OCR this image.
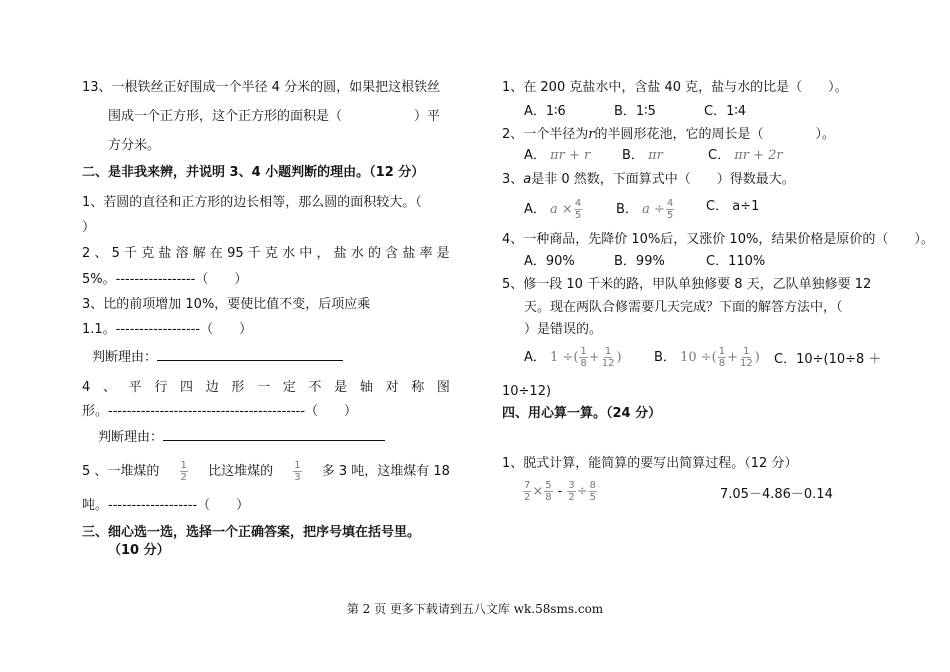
13、一根铁丝正好围成一个半径 4 分米的圆，如果把这根铁丝
围成一个正方形，这个正方形的面积是（	）平
方分米。
二、是非我来辨，并说明 3、4 小题判断的理由。（12 分）
1、若圆的直径和正方形的边长相等，那么圆的面积较大。（
）
2 、 5 千 克 盐 溶 解 在 95 千 克 水 中 ， 盐 水 的 含 盐 率 是
5%。-----------------（　　）
3、比的前项增加 10%，要使比值不变，后项应乘
1.1。------------------（　　）
判断理由：
4 、 平 行 四 边 形 一 定 不 是 轴 对 称 图
形。------------------------------------------（　　）
判断理由：
5 、一堆煤的 $\frac{1}{2}$ 比这堆煤的 $\frac{1}{3}$ 多 3 吨，这堆煤有 18
吨。-------------------（　　）
三、细心选一选，选择一个正确答案，把序号填在括号里。
（10 分）
1、在 200 克盐水中，含盐 40 克，盐与水的比是（　　）。
A．1∶6	B．1∶5	C．1∶4
2、一个半径为r的半圆形花池，它的周长是（　　　　）。
A． πr + r B． πr	C． πr + 2r
3、a是非 0 然数，下面算式中（　　）得数最大。
A．
$a \times \frac{4}{5}$	B．
$a \div \frac{4}{5}$ C． a÷1
4、一种商品，先降价 10%后，又涨价 10%，结果价格是原价的（　　）。
A．90%	B．99%	C．110%
5、修一段 10 千米的路，甲队单独修要 8 天，乙队单独修要 12
天。现在两队合修需要几天完成？下面的解答方法中，（
）是错误的。
A．
1 ÷( $\frac{1}{8} + \frac{1}{12}$ ) B．
10 ÷( $\frac{1}{8} + \frac{1}{12}$ ) C．10÷(10÷8 ＋
10÷12)
四、用心算一算。（24 分）
1、脱式计算，能简算的要写出简算过程。（12 分）
$\frac{7}{2} \times \frac{5}{8} - \frac{3}{2} \div \frac{8}{5}$	7.05－4.86－0.14
第 2 页 更多下载请到五八文库 wk.58sms.com
